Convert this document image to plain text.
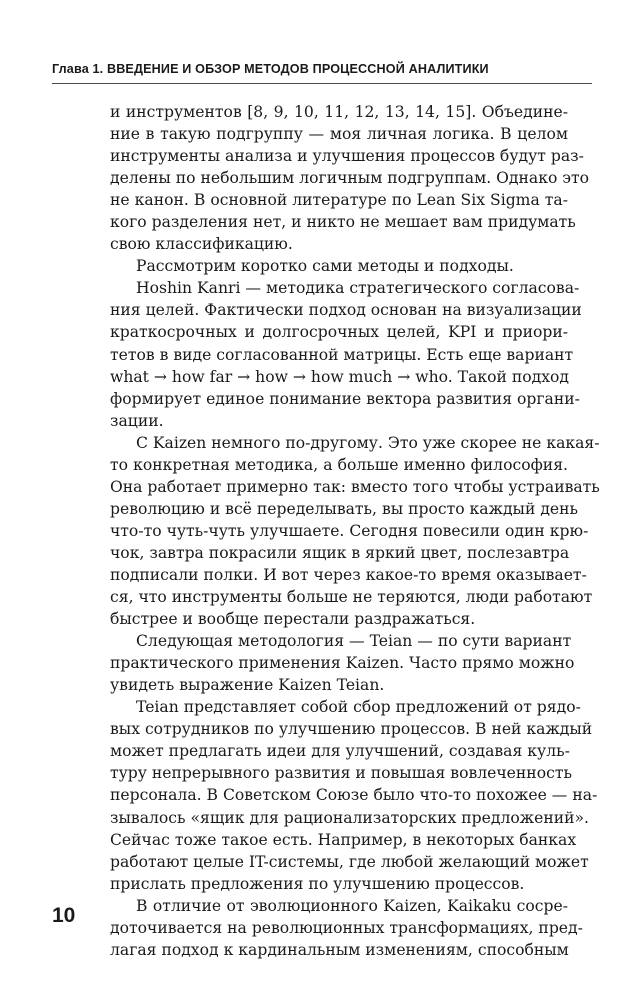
Глава 1. ВВЕДЕНИЕ И ОБЗОР МЕТОДОВ ПРОЦЕССНОЙ АНАЛИТИКИ
и инструментов [8, 9, 10, 11, 12, 13, 14, 15]. Объедине-
ние в такую подгруппу — моя личная логика. В целом
инструменты анализа и улучшения процессов будут раз-
делены по небольшим логичным подгруппам. Однако это
не канон. В основной литературе по Lean Six Sigma та-
кого разделения нет, и никто не мешает вам придумать
свою классификацию.
Рассмотрим коротко сами методы и подходы.
Hoshin Kanri — методика стратегического согласова-
ния целей. Фактически подход основан на визуализации
краткосрочных и долгосрочных целей, KPI и приори-
тетов в виде согласованной матрицы. Есть еще вариант
what → how far → how → how much → who. Такой подход
формирует единое понимание вектора развития органи-
зации.
С Kaizen немного по-другому. Это уже скорее не какая-
то конкретная методика, а больше именно философия.
Она работает примерно так: вместо того чтобы устраивать
революцию и всё переделывать, вы просто каждый день
что-то чуть-чуть улучшаете. Сегодня повесили один крю-
чок, завтра покрасили ящик в яркий цвет, послезавтра
подписали полки. И вот через какое-то время оказывает-
ся, что инструменты больше не теряются, люди работают
быстрее и вообще перестали раздражаться.
Следующая методология — Teian — по сути вариант
практического применения Kaizen. Часто прямо можно
увидеть выражение Kaizen Teian.
Teian представляет собой сбор предложений от рядо-
вых сотрудников по улучшению процессов. В ней каждый
может предлагать идеи для улучшений, создавая куль-
туру непрерывного развития и повышая вовлеченность
персонала. В Советском Союзе было что-то похожее — на-
зывалось «ящик для рационализаторских предложений».
Сейчас тоже такое есть. Например, в некоторых банках
работают целые IT-системы, где любой желающий может
прислать предложения по улучшению процессов.
В отличие от эволюционного Kaizen, Kaikaku сосре-
доточивается на революционных трансформациях, пред-
лагая подход к кардинальным изменениям, способным
10
